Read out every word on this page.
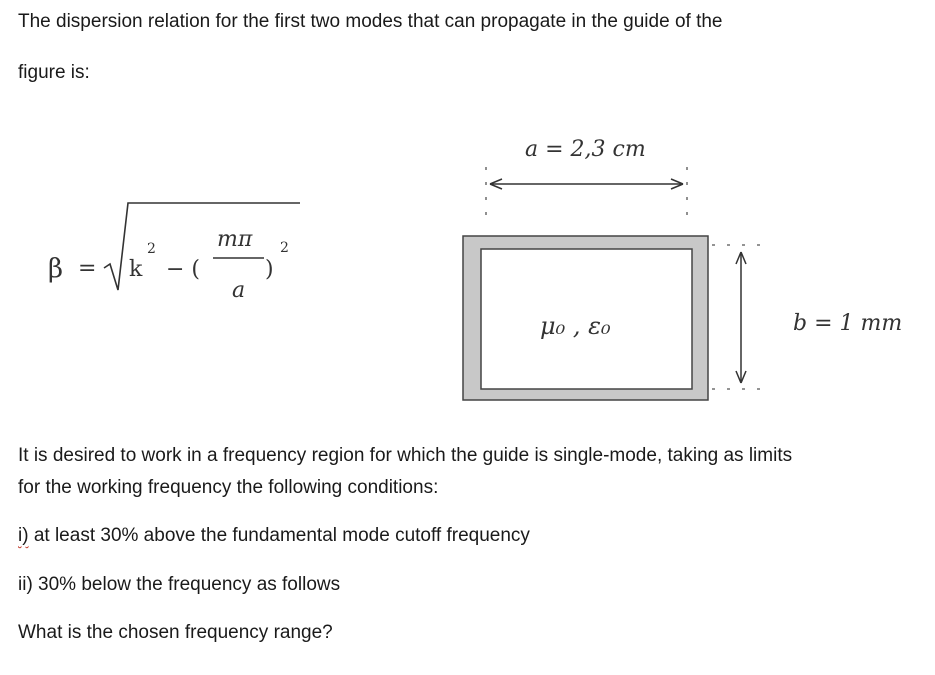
The dispersion relation for the first two modes that can propagate in the guide of the

figure is:

β = k
2
− (
mπ
a
)
2
a = 2,3 cm
μ₀ , ε₀	b = 1 mm

It is desired to work in a frequency region for which the guide is single-mode, taking as limits

for the working frequency the following conditions:

i) at least 30% above the fundamental mode cutoff frequency

ii) 30% below the frequency as follows

What is the chosen frequency range?
